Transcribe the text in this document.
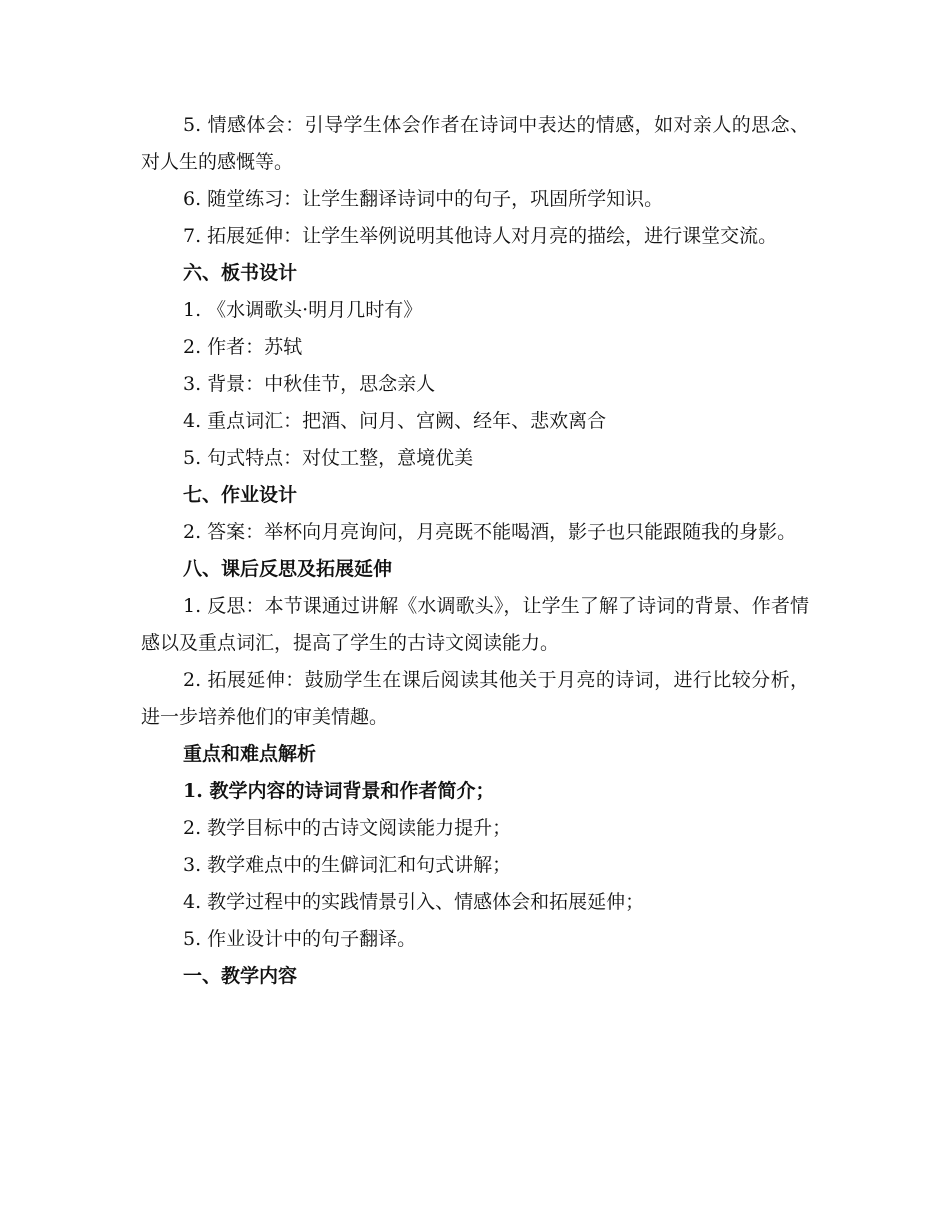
5. 情感体会：引导学生体会作者在诗词中表达的情感，如对亲人的思念、对人生的感慨等。

6. 随堂练习：让学生翻译诗词中的句子，巩固所学知识。

7. 拓展延伸：让学生举例说明其他诗人对月亮的描绘，进行课堂交流。

六、板书设计

1. 《水调歌头·明月几时有》

2. 作者：苏轼

3. 背景：中秋佳节，思念亲人

4. 重点词汇：把酒、问月、宫阙、经年、悲欢离合

5. 句式特点：对仗工整，意境优美

七、作业设计

2. 答案：举杯向月亮询问，月亮既不能喝酒，影子也只能跟随我的身影。

八、课后反思及拓展延伸

1. 反思：本节课通过讲解《水调歌头》，让学生了解了诗词的背景、作者情感以及重点词汇，提高了学生的古诗文阅读能力。

2. 拓展延伸：鼓励学生在课后阅读其他关于月亮的诗词，进行比较分析，进一步培养他们的审美情趣。

重点和难点解析

1. 教学内容的诗词背景和作者简介；

2. 教学目标中的古诗文阅读能力提升；

3. 教学难点中的生僻词汇和句式讲解；

4. 教学过程中的实践情景引入、情感体会和拓展延伸；

5. 作业设计中的句子翻译。

一、教学内容
